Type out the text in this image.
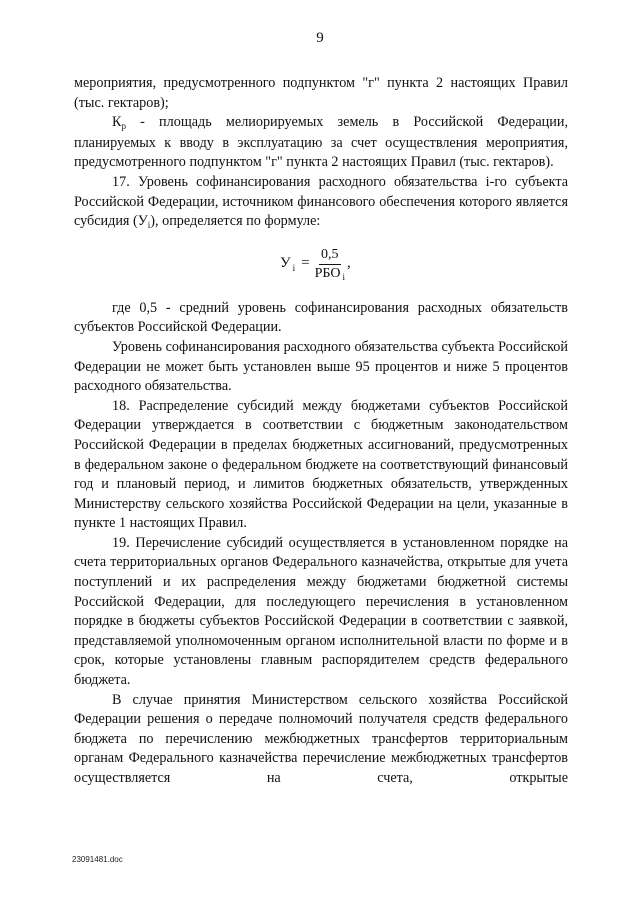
9

мероприятия, предусмотренного подпунктом "г" пункта 2 настоящих Правил (тыс. гектаров);

$К_р$ - площадь мелиорируемых земель в Российской Федерации, планируемых к вводу в эксплуатацию за счет осуществления мероприятия, предусмотренного подпунктом "г" пункта 2 настоящих Правил (тыс. гектаров).

17. Уровень софинансирования расходного обязательства i-го субъекта Российской Федерации, источником финансового обеспечения которого является субсидия $(У_i)$, определяется по формуле:

У $i = \frac{0,5}{\text{РБО i}}$ ,

где 0,5 - средний уровень софинансирования расходных обязательств субъектов Российской Федерации.

Уровень софинансирования расходного обязательства субъекта Российской Федерации не может быть установлен выше 95 процентов и ниже 5 процентов расходного обязательства.

18. Распределение субсидий между бюджетами субъектов Российской Федерации утверждается в соответствии с бюджетным законодательством Российской Федерации в пределах бюджетных ассигнований, предусмотренных в федеральном законе о федеральном бюджете на соответствующий финансовый год и плановый период, и лимитов бюджетных обязательств, утвержденных Министерству сельского хозяйства Российской Федерации на цели, указанные в пункте 1 настоящих Правил.

19. Перечисление субсидий осуществляется в установленном порядке на счета территориальных органов Федерального казначейства, открытые для учета поступлений и их распределения между бюджетами бюджетной системы Российской Федерации, для последующего перечисления в установленном порядке в бюджеты субъектов Российской Федерации в соответствии с заявкой, представляемой уполномоченным органом исполнительной власти по форме и в срок, которые установлены главным распорядителем средств федерального бюджета.

В случае принятия Министерством сельского хозяйства Российской Федерации решения о передаче полномочий получателя средств федерального бюджета по перечислению межбюджетных трансфертов территориальным органам Федерального казначейства перечисление межбюджетных трансфертов осуществляется на счета, открытые

23091481.doc
